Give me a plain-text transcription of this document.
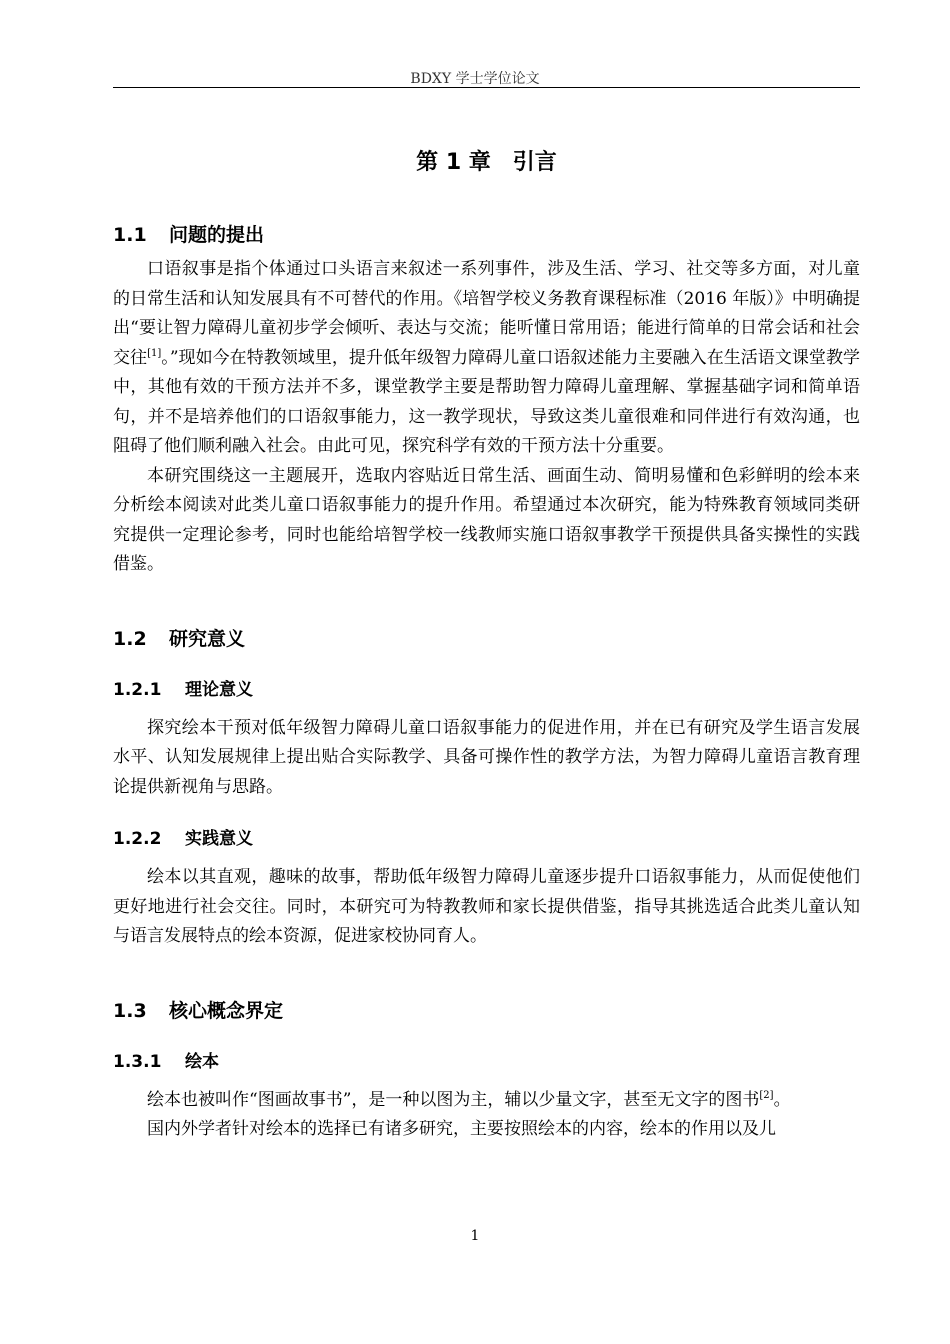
BDXY 学士学位论文
第 1 章　引言
1.1 问题的提出

口语叙事是指个体通过口头语言来叙述一系列事件，涉及生活、学习、社交等多方面，对儿童的日常生活和认知发展具有不可替代的作用。《培智学校义务教育课程标准（2016 年版）》中明确提出“要让智力障碍儿童初步学会倾听、表达与交流；能听懂日常用语；能进行简单的日常会话和社会交往[1]。”现如今在特教领域里，提升低年级智力障碍儿童口语叙述能力主要融入在生活语文课堂教学中，其他有效的干预方法并不多，课堂教学主要是帮助智力障碍儿童理解、掌握基础字词和简单语句，并不是培养他们的口语叙事能力，这一教学现状，导致这类儿童很难和同伴进行有效沟通，也阻碍了他们顺利融入社会。由此可见，探究科学有效的干预方法十分重要。

本研究围绕这一主题展开，选取内容贴近日常生活、画面生动、简明易懂和色彩鲜明的绘本来分析绘本阅读对此类儿童口语叙事能力的提升作用。希望通过本次研究，能为特殊教育领域同类研究提供一定理论参考，同时也能给培智学校一线教师实施口语叙事教学干预提供具备实操性的实践借鉴。

1.2 研究意义
1.2.1 理论意义

探究绘本干预对低年级智力障碍儿童口语叙事能力的促进作用，并在已有研究及学生语言发展水平、认知发展规律上提出贴合实际教学、具备可操作性的教学方法，为智力障碍儿童语言教育理论提供新视角与思路。

1.2.2 实践意义

绘本以其直观，趣味的故事，帮助低年级智力障碍儿童逐步提升口语叙事能力，从而促使他们更好地进行社会交往。同时，本研究可为特教教师和家长提供借鉴，指导其挑选适合此类儿童认知与语言发展特点的绘本资源，促进家校协同育人。

1.3 核心概念界定
1.3.1 绘本

绘本也被叫作“图画故事书”，是一种以图为主，辅以少量文字，甚至无文字的图书[2]。

国内外学者针对绘本的选择已有诸多研究，主要按照绘本的内容，绘本的作用以及儿

1
